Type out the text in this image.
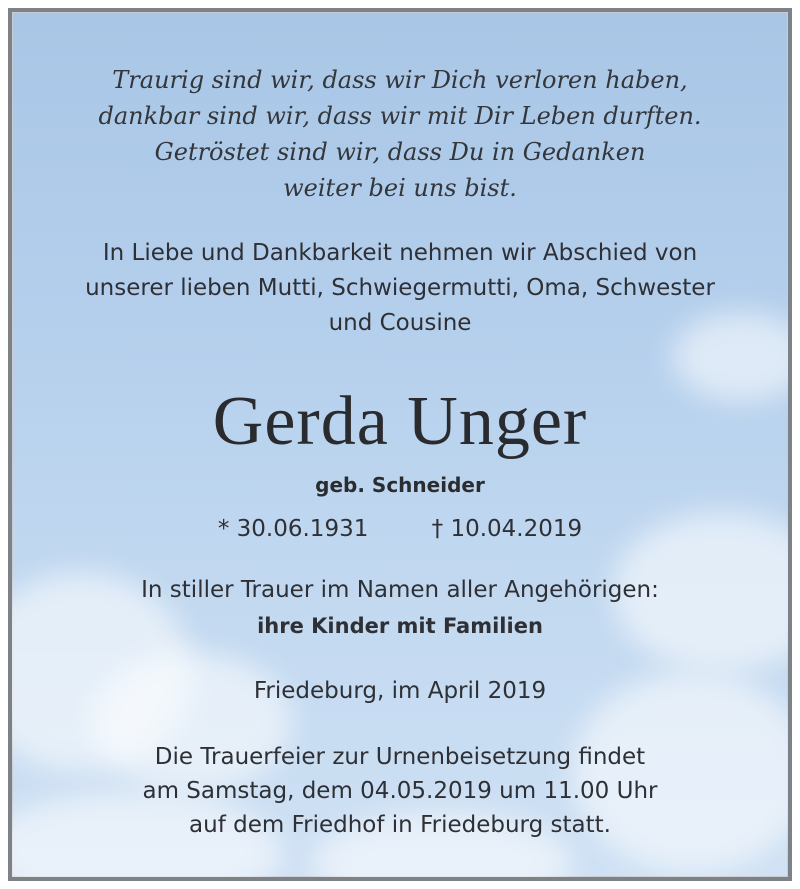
Traurig sind wir, dass wir Dich verloren haben,
dankbar sind wir, dass wir mit Dir Leben durften.
Getröstet sind wir, dass Du in Gedanken
weiter bei uns bist.
In Liebe und Dankbarkeit nehmen wir Abschied von
unserer lieben Mutti, Schwiegermutti, Oma, Schwester
und Cousine
Gerda Unger
geb. Schneider
* 30.06.1931	† 10.04.2019
In stiller Trauer im Namen aller Angehörigen:
ihre Kinder mit Familien
Friedeburg, im April 2019
Die Trauerfeier zur Urnenbeisetzung findet
am Samstag, dem 04.05.2019 um 11.00 Uhr
auf dem Friedhof in Friedeburg statt.
